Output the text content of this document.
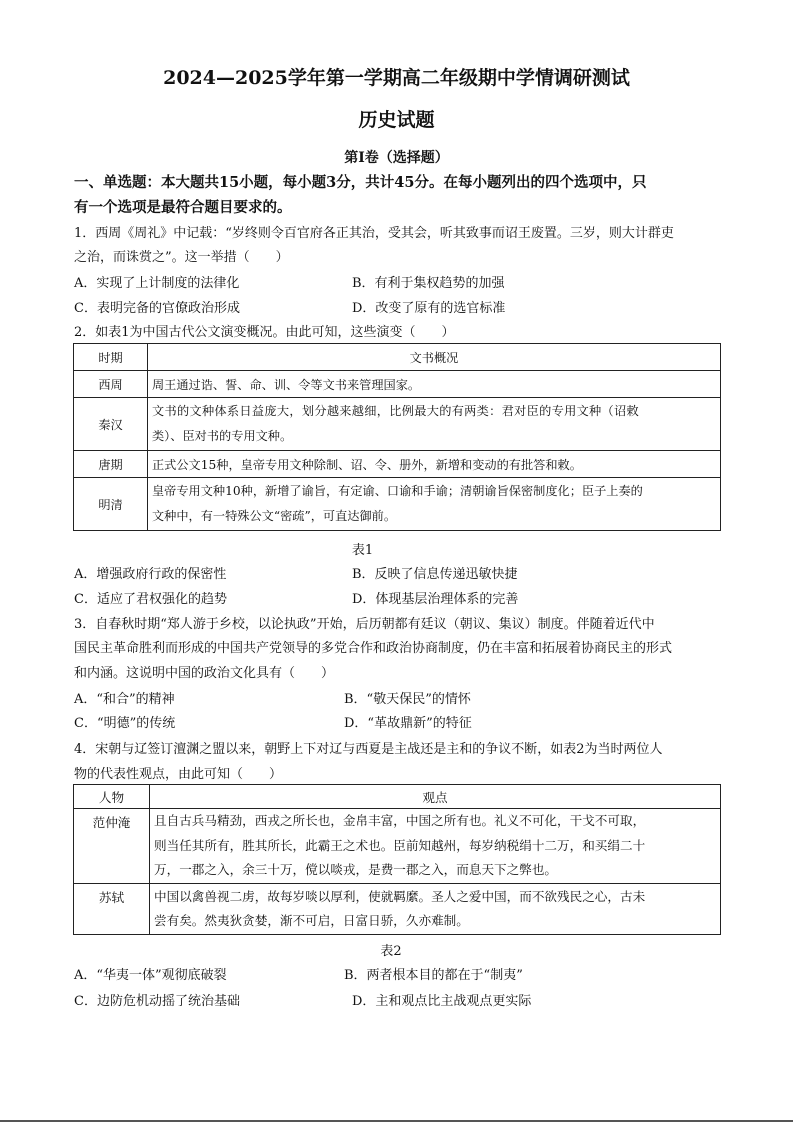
2024—2025学年第一学期高二年级期中学情调研测试
历史试题
第Ⅰ卷（选择题）
一、单选题：本大题共15小题，每小题3分，共计45分。在每小题列出的四个选项中，只
有一个选项是最符合题目要求的。
1．西周《周礼》中记载：“岁终则令百官府各正其治，受其会，听其致事而诏王废置。三岁，则大计群吏
之治，而诛赏之”。这一举措（　　）
A．实现了上计制度的法律化	B．有利于集权趋势的加强
C．表明完备的官僚政治形成	D．改变了原有的选官标准
2．如表1为中国古代公文演变概况。由此可知，这些演变（　　）
时期	文书概况
西周	周王通过诰、誓、命、训、令等文书来管理国家。

秦汉	文书的文种体系日益庞大，划分越来越细，比例最大的有两类：君对臣的专用文种（诏敕
类）、臣对书的专用文种。

唐期	正式公文15种，皇帝专用文种除制、诏、令、册外，新增和变动的有批答和敕。

明清	皇帝专用文种10种，新增了谕旨，有定谕、口谕和手谕；清朝谕旨保密制度化；臣子上奏的
文种中，有一特殊公文“密疏”，可直达御前。
表1
A．增强政府行政的保密性	B．反映了信息传递迅敏快捷
C．适应了君权强化的趋势	D．体现基层治理体系的完善
3．自春秋时期“郑人游于乡校，以论执政”开始，后历朝都有廷议（朝议、集议）制度。伴随着近代中
国民主革命胜利而形成的中国共产党领导的多党合作和政治协商制度，仍在丰富和拓展着协商民主的形式
和内涵。这说明中国的政治文化具有（　　）
A．“和合”的精神	B．“敬天保民”的情怀
C．“明德”的传统	D．“革故鼎新”的特征
4．宋朝与辽签订澶渊之盟以来，朝野上下对辽与西夏是主战还是主和的争议不断，如表2为当时两位人
物的代表性观点，由此可知（　　）
人物	观点
范仲淹	且自古兵马精劲，西戎之所长也，金帛丰富，中国之所有也。礼义不可化，干戈不可取，
则当任其所有，胜其所长，此霸王之术也。臣前知越州，每岁纳税绢十二万，和买绢二十
万，一郡之入，余三十万，傥以啖戎，是费一郡之入，而息天下之弊也。

苏轼	中国以禽兽视二虏，故每岁啖以厚利，使就羁縻。圣人之爱中国，而不欲残民之心，古未
尝有矣。然夷狄贪婪，渐不可启，日富日骄，久亦难制。
表2
A．“华夷一体”观彻底破裂	B．两者根本目的都在于“制夷”
C．边防危机动摇了统治基础	D．主和观点比主战观点更实际
